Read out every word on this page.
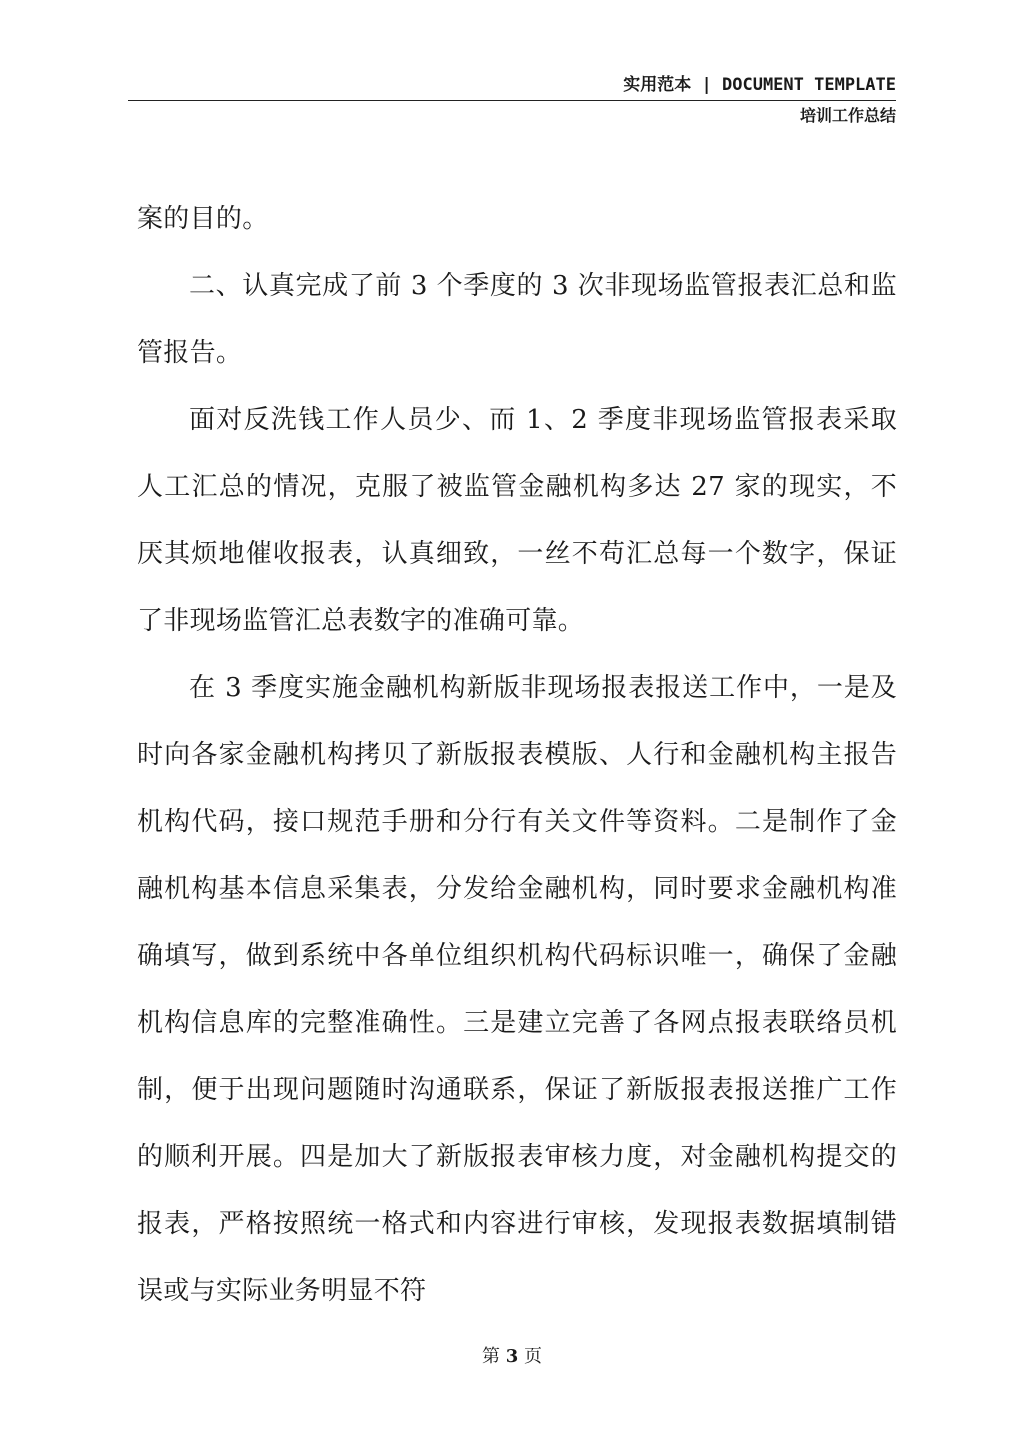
实用范本 | DOCUMENT TEMPLATE
培训工作总结

案的目的。

二、认真完成了前 3 个季度的 3 次非现场监管报表汇总和监管报告。

面对反洗钱工作人员少、而 1、2 季度非现场监管报表采取人工汇总的情况，克服了被监管金融机构多达 27 家的现实，不厌其烦地催收报表，认真细致，一丝不苟汇总每一个数字，保证了非现场监管汇总表数字的准确可靠。

在 3 季度实施金融机构新版非现场报表报送工作中，一是及时向各家金融机构拷贝了新版报表模版、人行和金融机构主报告机构代码，接口规范手册和分行有关文件等资料。二是制作了金融机构基本信息采集表，分发给金融机构，同时要求金融机构准确填写，做到系统中各单位组织机构代码标识唯一，确保了金融机构信息库的完整准确性。三是建立完善了各网点报表联络员机制，便于出现问题随时沟通联系，保证了新版报表报送推广工作的顺利开展。四是加大了新版报表审核力度，对金融机构提交的报表，严格按照统一格式和内容进行审核，发现报表数据填制错误或与实际业务明显不符

第 3 页
